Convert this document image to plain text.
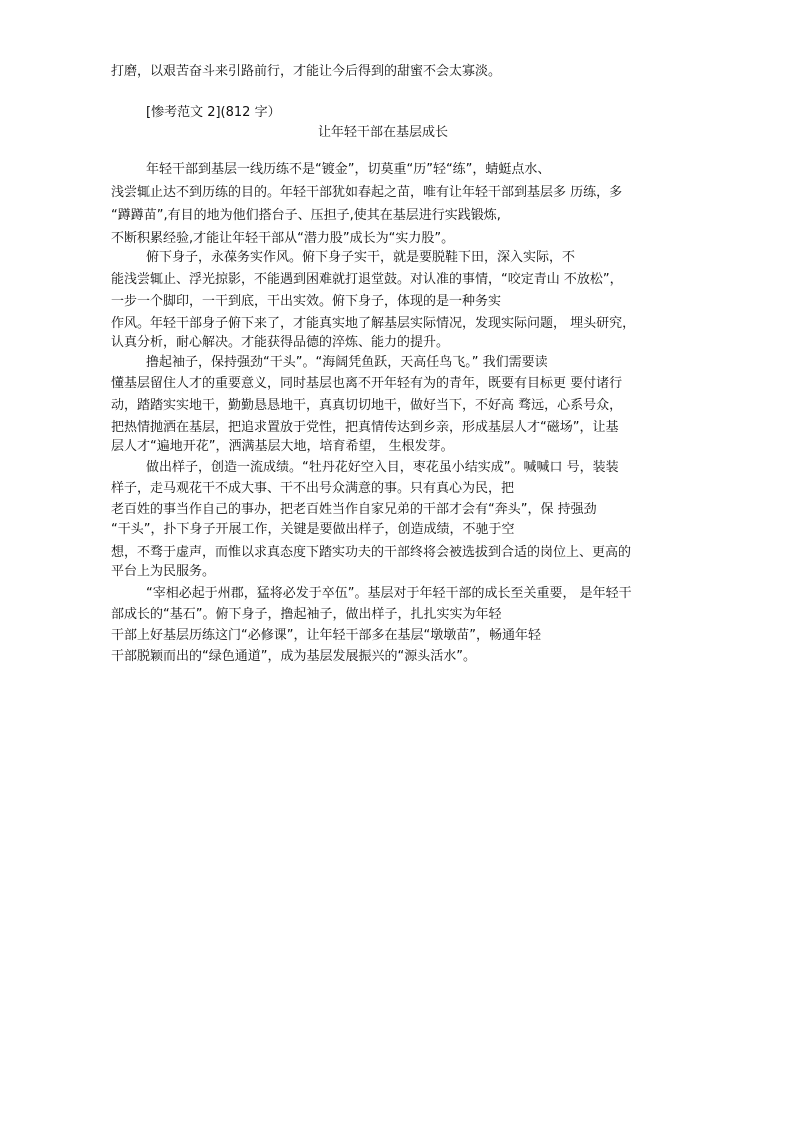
打磨，以艰苦奋斗来引路前行，才能让今后得到的甜蜜不会太寡淡。
[惨考范文 2](812 字）
让年轻干部在基层成长
年轻干部到基层一线历练不是“镀金”，切莫重“历”轻“练”，蜻蜓点水、
浅尝辄止达不到历练的目的。年轻干部犹如春起之苗，唯有让年轻干部到基层多 历练，多
“蹲蹲苗”,有目的地为他们搭台子、压担子,使其在基层进行实践锻炼,
不断积累经验,才能让年轻干部从“潜力股”成长为“实力股”。
俯下身子，永葆务实作风。俯下身子实干，就是要脱鞋下田，深入实际，不
能浅尝辄止、浮光掠影，不能遇到困难就打退堂鼓。对认准的事情，“咬定青山 不放松”，
一步一个脚印，一干到底，干出实效。俯下身子，体现的是一种务实
作风。年轻干部身子俯下来了，才能真实地了解基层实际情况，发现实际问题， 埋头研究，
认真分析，耐心解决。才能获得品德的淬炼、能力的提升。
撸起袖子，保持强劲“干头”。“海阔凭鱼跃，天高任鸟飞。” 我们需要读
懂基层留住人才的重要意义，同时基层也离不开年轻有为的青年，既要有目标更 要付诸行
动，踏踏实实地干，勤勤恳恳地干，真真切切地干，做好当下，不好高 骛远，心系号众，
把热情抛洒在基层，把追求置放于党性，把真情传达到乡亲，形成基层人才“磁场”，让基
层人才“遍地开花”，洒满基层大地，培育希望， 生根发芽。
做出样子，创造一流成绩。“牡丹花好空入目，枣花虽小结实成”。喊喊口 号，装装
样子，走马观花干不成大事、干不出号众满意的事。只有真心为民，把
老百姓的事当作自己的事办，把老百姓当作自家兄弟的干部才会有“奔头”，保 持强劲
“干头”，扑下身子开展工作，关键是要做出样子，创造成绩，不驰于空
想，不骛于虚声，而惟以求真态度下踏实功夫的干部终将会被选拔到合适的岗位上、更高的
平台上为民服务。
“宰相必起于州郡，猛将必发于卒伍”。基层对于年轻干部的成长至关重要， 是年轻干
部成长的“基石”。俯下身子，撸起袖子，做出样子，扎扎实实为年轻
干部上好基层历练这门“必修课”，让年轻干部多在基层“墩墩苗”，畅通年轻
干部脱颖而出的“绿色通道”，成为基层发展振兴的“源头活水”。
